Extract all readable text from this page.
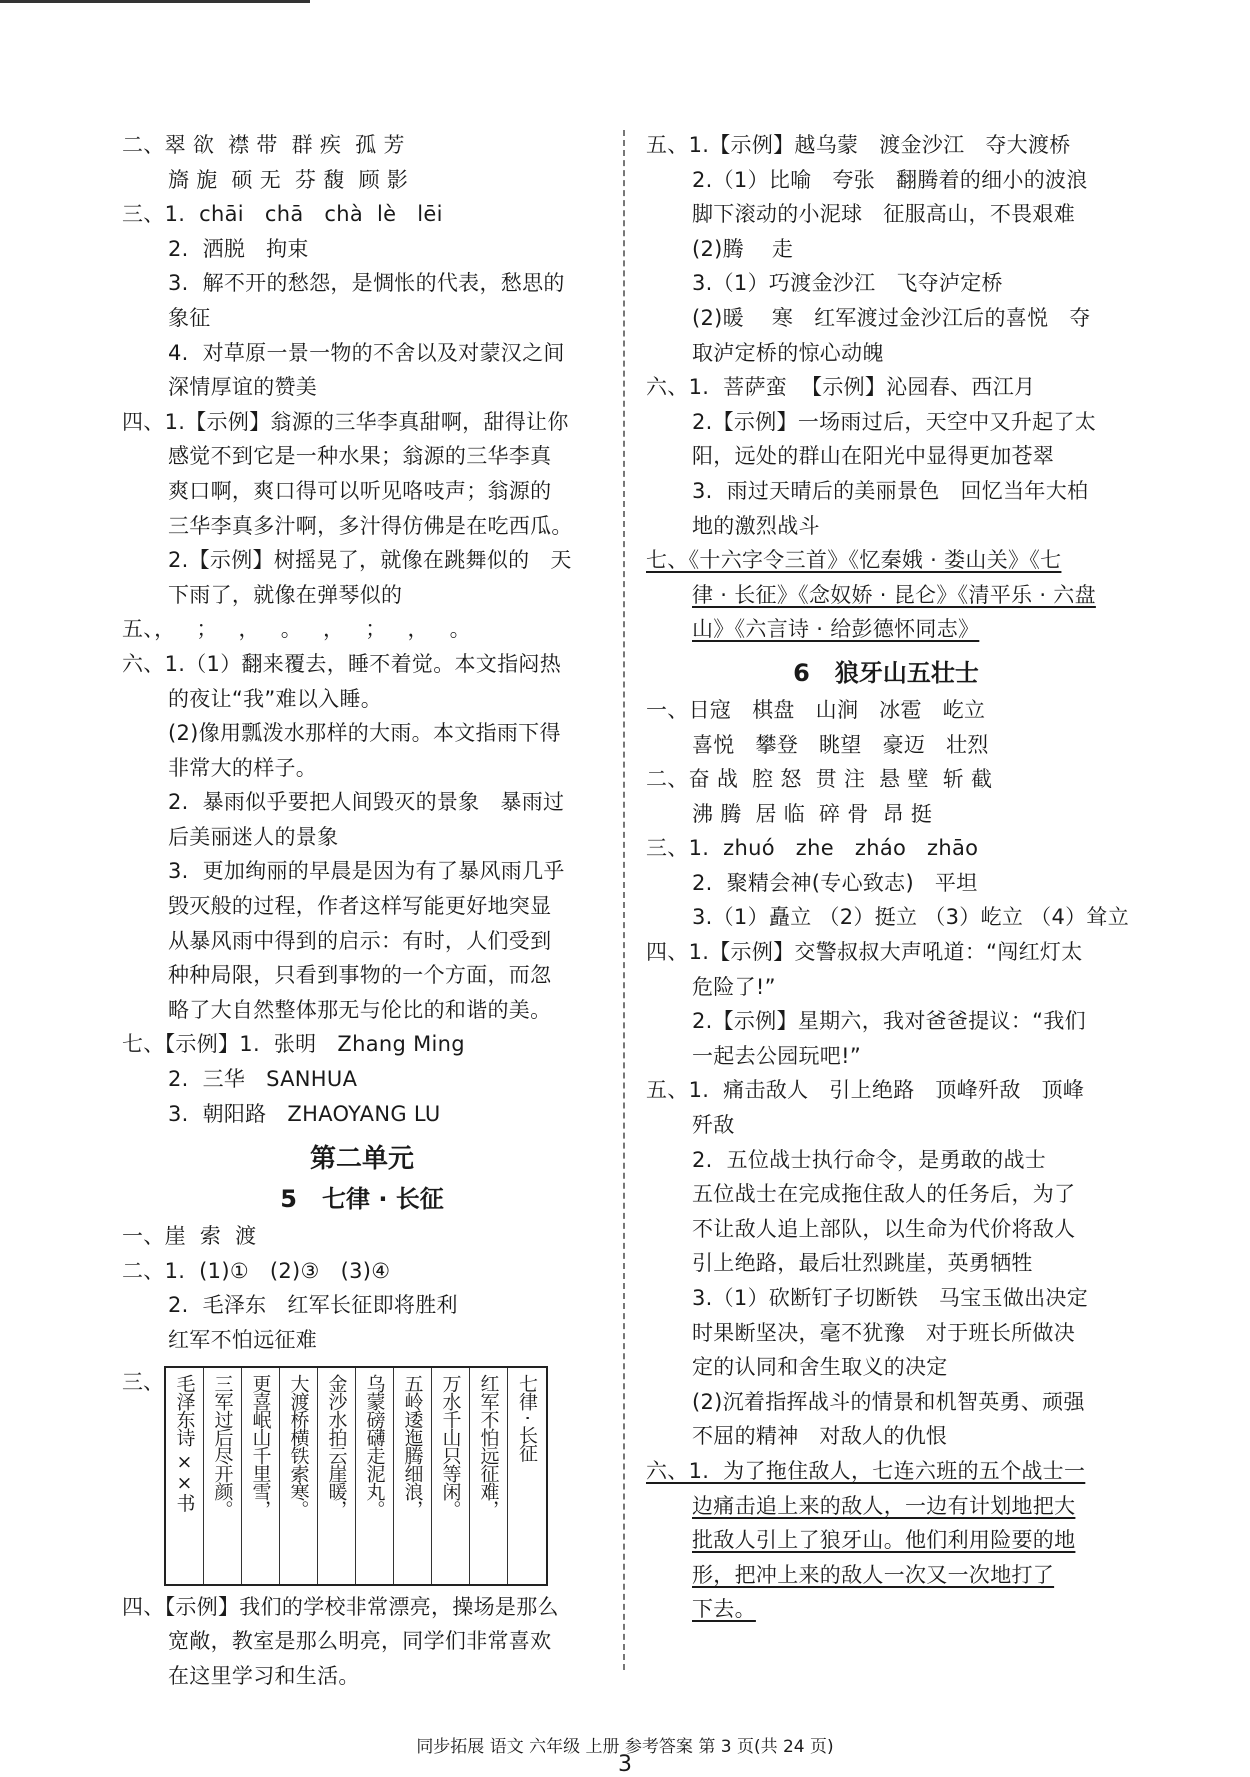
二、翠 欲  襟 带  群 疾  孤 芳
旖 旎  硕 无  芬 馥  顾 影
三、1.  chāi   chā   chà  lè   lēi
2.  洒脱   拘束
3.  解不开的愁怨，是惆怅的代表，愁思的
象征
4.  对草原一景一物的不舍以及对蒙汉之间
深情厚谊的赞美
四、1.【示例】翁源的三华李真甜啊，甜得让你
感觉不到它是一种水果；翁源的三华李真
爽口啊，爽口得可以听见咯吱声；翁源的
三华李真多汁啊，多汁得仿佛是在吃西瓜。
2.【示例】树摇晃了，就像在跳舞似的   天
下雨了，就像在弹琴似的
五、，   ；   ，   。   ，   ；   ，   。
六、1.（1）翻来覆去，睡不着觉。本文指闷热
的夜让“我”难以入睡。
(2)像用瓢泼水那样的大雨。本文指雨下得
非常大的样子。
2.  暴雨似乎要把人间毁灭的景象   暴雨过
后美丽迷人的景象
3.  更加绚丽的早晨是因为有了暴风雨几乎
毁灭般的过程，作者这样写能更好地突显
从暴风雨中得到的启示：有时，人们受到
种种局限，只看到事物的一个方面，而忽
略了大自然整体那无与伦比的和谐的美。
七、【示例】1.  张明   Zhang Ming
2.  三华   SANHUA
3.  朝阳路   ZHAOYANG LU
第二单元
5   七律 · 长征
一、崖  索  渡
二、1.  (1)①   (2)③   (3)④
2.  毛泽东   红军长征即将胜利
红军不怕远征难
三、 毛泽东诗 ××书 三军过后尽开颜。 更喜岷山千里雪， 大渡桥横铁索寒。 金沙水拍云崖暖， 乌蒙磅礴走泥丸。 五岭逶迤腾细浪， 万水千山只等闲。 红军不怕远征难， 七律 · 长征
四、【示例】我们的学校非常漂亮，操场是那么
宽敞，教室是那么明亮，同学们非常喜欢
在这里学习和生活。
五、1.【示例】越乌蒙   渡金沙江   夺大渡桥
2.（1）比喻   夸张   翻腾着的细小的波浪
脚下滚动的小泥球   征服高山，不畏艰难
(2)腾    走
3.（1）巧渡金沙江   飞夺泸定桥
(2)暖    寒   红军渡过金沙江后的喜悦   夺
取泸定桥的惊心动魄
六、1.  菩萨蛮  【示例】沁园春、西江月
2.【示例】一场雨过后，天空中又升起了太
阳，远处的群山在阳光中显得更加苍翠
3.  雨过天晴后的美丽景色   回忆当年大柏
地的激烈战斗
七、《十六字令三首》《忆秦娥 · 娄山关》《七
律 · 长征》《念奴娇 · 昆仑》《清平乐 · 六盘
山》《六言诗 · 给彭德怀同志》
6   狼牙山五壮士
一、日寇   棋盘   山涧   冰雹   屹立
喜悦   攀登   眺望   豪迈   壮烈
二、奋 战  腔 怒  贯 注  悬 壁  斩 截
沸 腾  居 临  碎 骨  昂 挺
三、1.  zhuó   zhe   zháo   zhāo
2.  聚精会神(专心致志)   平坦
3.（1）矗立 （2）挺立 （3）屹立 （4）耸立
四、1.【示例】交警叔叔大声吼道：“闯红灯太
危险了!”
2.【示例】星期六，我对爸爸提议：“我们
一起去公园玩吧!”
五、1.  痛击敌人   引上绝路   顶峰歼敌   顶峰
歼敌
2.  五位战士执行命令，是勇敢的战士
五位战士在完成拖住敌人的任务后，为了
不让敌人追上部队，以生命为代价将敌人
引上绝路，最后壮烈跳崖，英勇牺牲
3.（1）砍断钉子切断铁   马宝玉做出决定
时果断坚决，毫不犹豫   对于班长所做决
定的认同和舍生取义的决定
(2)沉着指挥战斗的情景和机智英勇、顽强
不屈的精神   对敌人的仇恨
六、1.  为了拖住敌人，七连六班的五个战士一
边痛击追上来的敌人，一边有计划地把大
批敌人引上了狼牙山。他们利用险要的地
形，把冲上来的敌人一次又一次地打了
下去。
同步拓展 语文 六年级 上册 参考答案 第 3 页(共 24 页)
3
